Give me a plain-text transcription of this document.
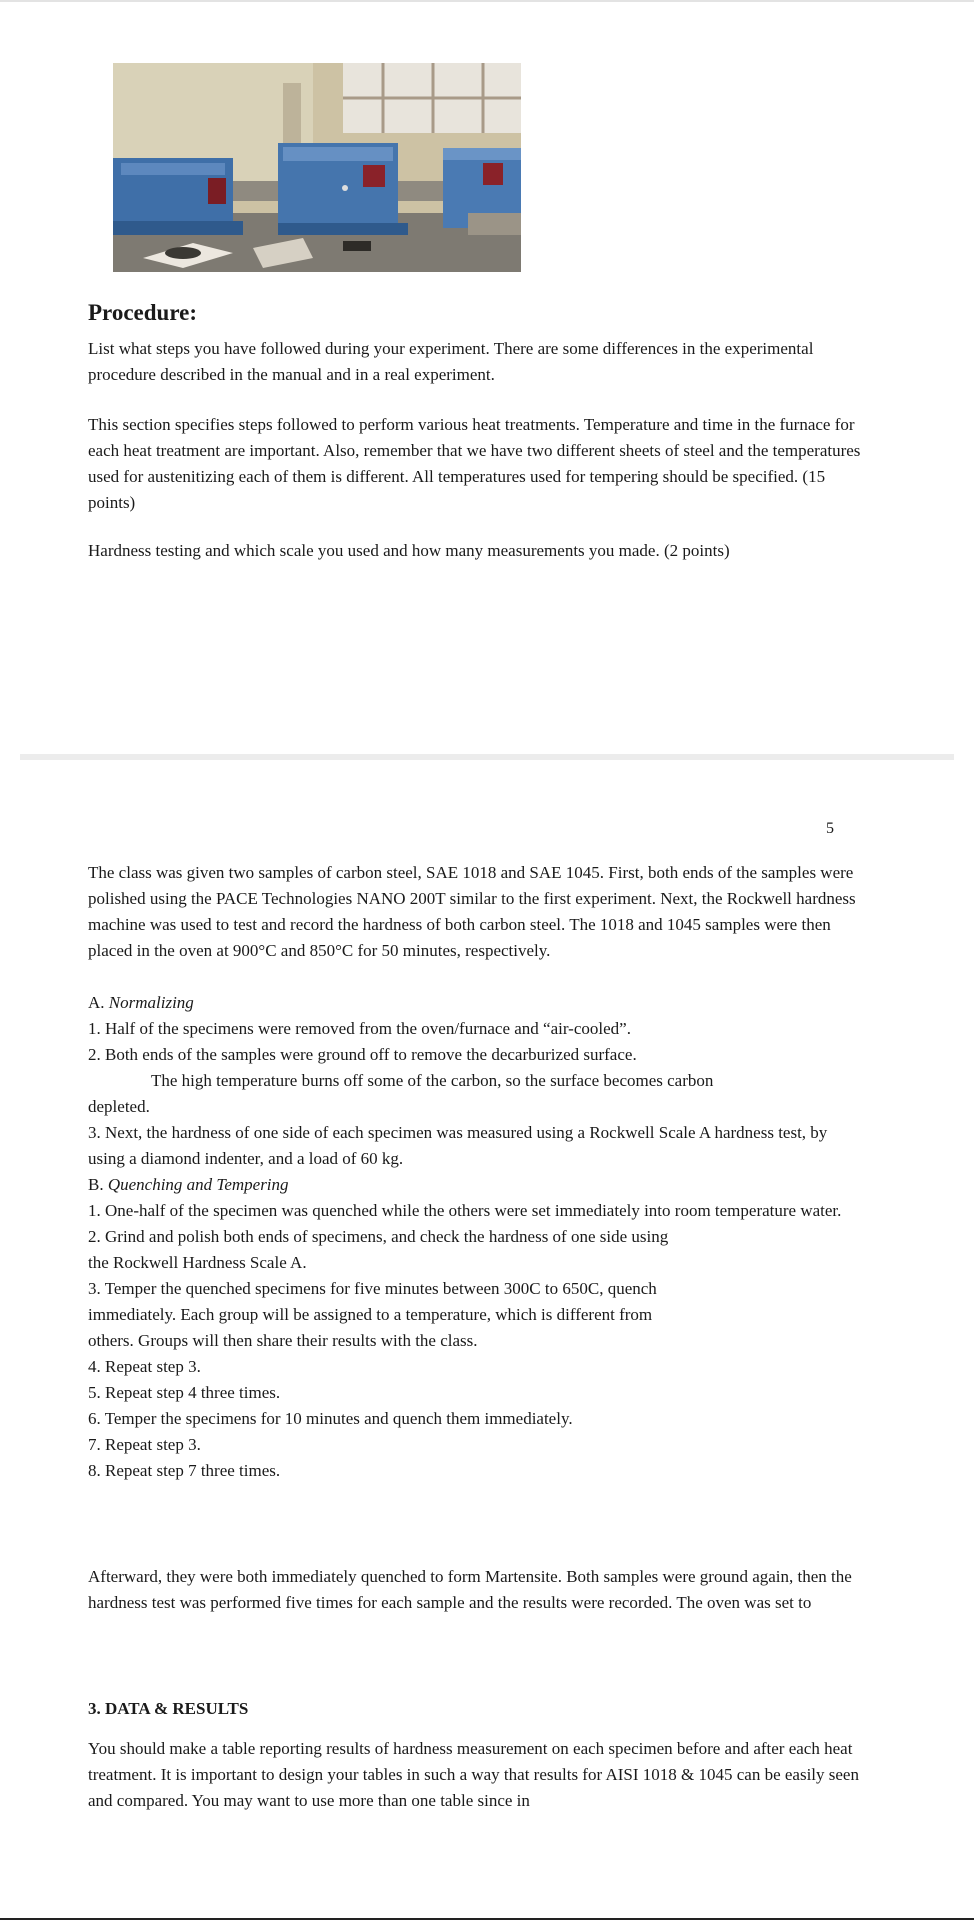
Procedure:

List what steps you have followed during your experiment. There are some differences in the experimental procedure described in the manual and in a real experiment.

This section specifies steps followed to perform various heat treatments. Temperature and time in the furnace for each heat treatment are important. Also, remember that we have two different sheets of steel and the temperatures used for austenitizing each of them is different. All temperatures used for tempering should be specified. (15 points)

Hardness testing and which scale you used and how many measurements you made. (2 points)

5

The class was given two samples of carbon steel, SAE 1018 and SAE 1045. First, both ends of the samples were polished using the PACE Technologies NANO 200T similar to the first experiment. Next, the Rockwell hardness machine was used to test and record the hardness of both carbon steel. The 1018 and 1045 samples were then placed in the oven at 900°C and 850°C for 50 minutes, respectively.

A. Normalizing

1. Half of the specimens were removed from the oven/furnace and “air-cooled”.

2. Both ends of the samples were ground off to remove the decarburized surface.

The high temperature burns off some of the carbon, so the surface becomes carbon

depleted.

3. Next, the hardness of one side of each specimen was measured using a Rockwell Scale A hardness test, by using a diamond indenter, and a load of 60 kg.

B. Quenching and Tempering

1. One-half of the specimen was quenched while the others were set immediately into room temperature water.

2. Grind and polish both ends of specimens, and check the hardness of one side using

the Rockwell Hardness Scale A.

3. Temper the quenched specimens for five minutes between 300C to 650C, quench

immediately. Each group will be assigned to a temperature, which is different from

others. Groups will then share their results with the class.

4. Repeat step 3.

5. Repeat step 4 three times.

6. Temper the specimens for 10 minutes and quench them immediately.

7. Repeat step 3.

8. Repeat step 7 three times.

Afterward, they were both immediately quenched to form Martensite. Both samples were ground again, then the hardness test was performed five times for each sample and the results were recorded. The oven was set to

3. DATA & RESULTS

You should make a table reporting results of hardness measurement on each specimen before and after each heat treatment. It is important to design your tables in such a way that results for AISI 1018 & 1045 can be easily seen and compared. You may want to use more than one table since in
